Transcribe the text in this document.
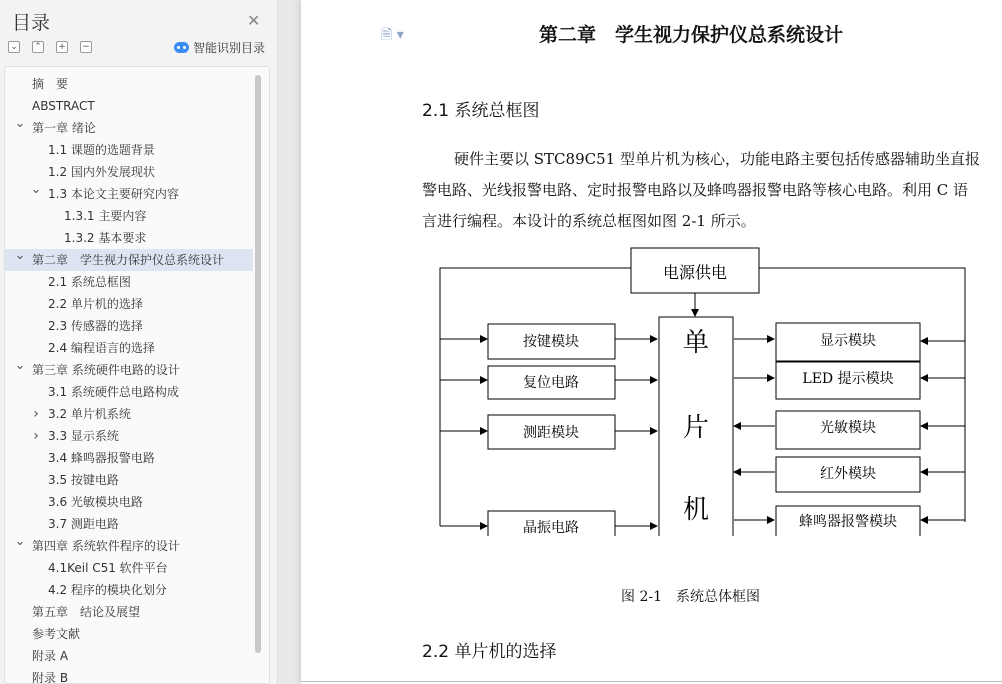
目录	✕
⌄ ⌃ + −	智能识别目录
摘　要
ABSTRACT
⌄ 第一章 绪论
1.1 课题的选题背景
1.2 国内外发展现状
⌄ 1.3 本论文主要研究内容
1.3.1 主要内容
1.3.2 基本要求
⌄ 第二章　学生视力保护仪总系统设计
2.1 系统总框图
2.2 单片机的选择
2.3 传感器的选择
2.4 编程语言的选择
⌄ 第三章 系统硬件电路的设计
3.1 系统硬件总电路构成
› 3.2 单片机系统
› 3.3 显示系统
3.4 蜂鸣器报警电路
3.5 按键电路
3.6 光敏模块电路
3.7 测距电路
⌄ 第四章 系统软件程序的设计
4.1Keil C51 软件平台
4.2 程序的模块化划分
第五章　结论及展望
参考文献
附录 A
附录 B
🗎 ▾	第二章　学生视力保护仪总系统设计
2.1 系统总框图
硬件主要以 STC89C51 型单片机为核心，功能电路主要包括传感器辅助坐直报警电路、光线报警电路、定时报警电路以及蜂鸣器报警电路等核心电路。利用 C 语言进行编程。本设计的系统总框图如图 2-1 所示。
电源供电
单
片
机
按键模块
复位电路
测距模块
晶振电路
显示模块
LED 提示模块
光敏模块
红外模块
蜂鸣器报警模块
图 2-1　系统总体框图
2.2 单片机的选择
